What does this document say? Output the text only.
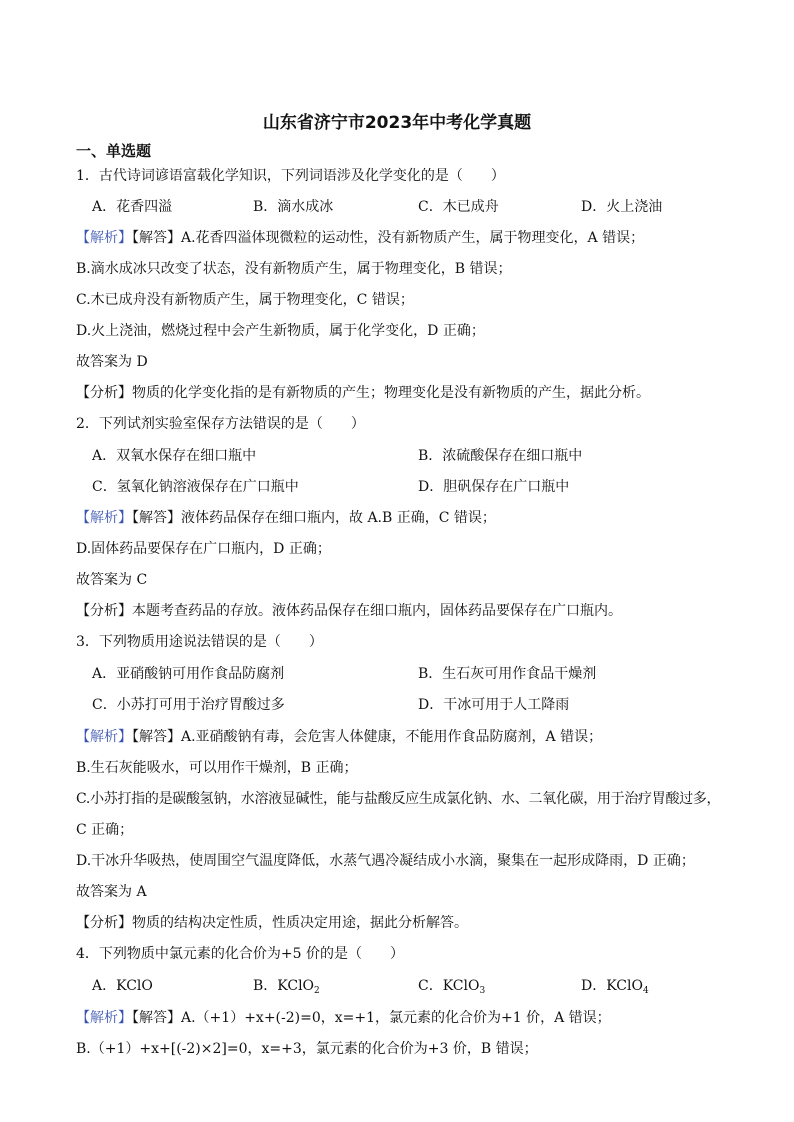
山东省济宁市2023年中考化学真题
一、单选题
1．古代诗词谚语富载化学知识，下列词语涉及化学变化的是（　　）
A．花香四溢	B．滴水成冰	C．木已成舟	D．火上浇油
【解析】【解答】A.花香四溢体现微粒的运动性，没有新物质产生，属于物理变化，A 错误；
B.滴水成冰只改变了状态，没有新物质产生，属于物理变化，B 错误；
C.木已成舟没有新物质产生，属于物理变化，C 错误；
D.火上浇油，燃烧过程中会产生新物质，属于化学变化，D 正确；
故答案为 D
【分析】物质的化学变化指的是有新物质的产生；物理变化是没有新物质的产生，据此分析。
2．下列试剂实验室保存方法错误的是（　　）
A．双氧水保存在细口瓶中	B．浓硫酸保存在细口瓶中
C．氢氧化钠溶液保存在广口瓶中	D．胆矾保存在广口瓶中
【解析】【解答】液体药品保存在细口瓶内，故 A.B 正确，C 错误；
D.固体药品要保存在广口瓶内，D 正确；
故答案为 C
【分析】本题考查药品的存放。液体药品保存在细口瓶内，固体药品要保存在广口瓶内。
3．下列物质用途说法错误的是（　　）
A．亚硝酸钠可用作食品防腐剂	B．生石灰可用作食品干燥剂
C．小苏打可用于治疗胃酸过多	D．干冰可用于人工降雨
【解析】【解答】A.亚硝酸钠有毒，会危害人体健康，不能用作食品防腐剂，A 错误；
B.生石灰能吸水，可以用作干燥剂，B 正确；
C.小苏打指的是碳酸氢钠，水溶液显碱性，能与盐酸反应生成氯化钠、水、二氧化碳，用于治疗胃酸过多，
C 正确；
D.干冰升华吸热，使周围空气温度降低，水蒸气遇冷凝结成小水滴，聚集在一起形成降雨，D 正确；
故答案为 A
【分析】物质的结构决定性质，性质决定用途，据此分析解答。
4．下列物质中氯元素的化合价为+5 价的是（　　）
A．KClO	B．KClO$_2$	C．KClO$_3$	D．KClO$_4$
【解析】【解答】A.（+1）+x+(-2)=0，x=+1，氯元素的化合价为+1 价，A 错误；
B.（+1）+x+[(-2)×2]=0，x=+3，氯元素的化合价为+3 价，B 错误；
